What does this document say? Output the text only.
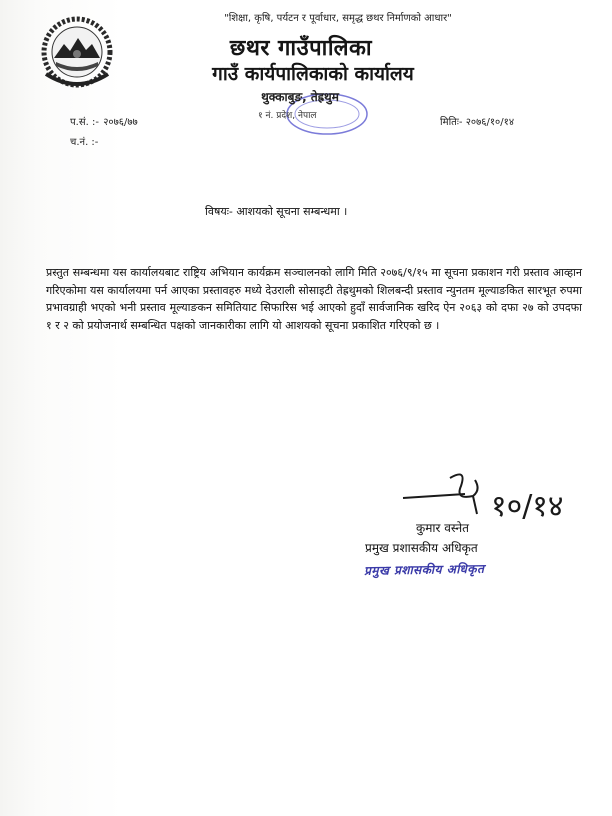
"शिक्षा, कृषि, पर्यटन र पूर्वाधार, समृद्ध छथर निर्माणको आधार"
छथर गाउँपालिका
गाउँ कार्यपालिकाको कार्यालय
थुक्काबुङ, तेह्रथुम
१ नं. प्रदेश, नेपाल
प.सं. :- २०७६/७७
च.नं. :-
मितिः- २०७६/१०/१४
विषयः- आशयको सूचना सम्बन्धमा ।
प्रस्तुत सम्बन्धमा यस कार्यालयबाट राष्ट्रिय अभियान कार्यक्रम सञ्चालनको लागि मिति २०७६/९/१५ मा सूचना प्रकाशन गरी प्रस्ताव आव्हान गरिएकोमा यस कार्यालयमा पर्न आएका प्रस्तावहरु मध्ये देउराली सोसाइटी तेह्रथुमको शिलबन्दी प्रस्ताव न्युनतम मूल्याङकित सारभूत रुपमा प्रभावग्राही भएको भनी प्रस्ताव मूल्याङकन समितियाट सिफारिस भई आएको हुदाँ सार्वजानिक खरिद ऐन २०६३ को दफा २७ को उपदफा १ र २ को प्रयोजनार्थ सम्बन्धित पक्षको जानकारीका लागि यो आशयको सूचना प्रकाशित गरिएको छ ।
१०/१४
कुमार वस्नेत
प्रमुख प्रशासकीय अधिकृत
प्रमुख प्रशासकीय अधिकृत
